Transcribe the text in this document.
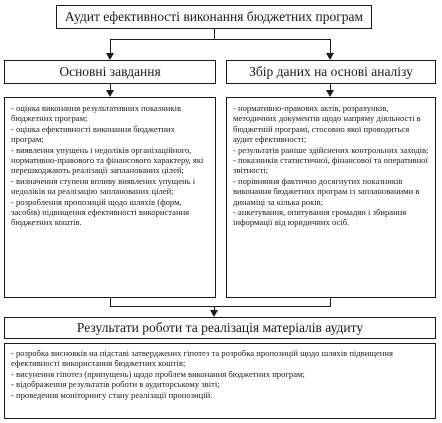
Аудит ефективності виконання бюджетних програм
Основні завдання	Збір даних на основі аналізу
- оцінка виконання результативних показників бюджетних програм;
- оцінка ефективності виконання бюджетних програм;
- виявлення упущень і недоліків організаційного, нормативно-правового та фінансового характеру, які перешкоджають реалізації запланованих цілей;
- визначення ступеня впливу виявлених упущень і недоліків на реалізацію запланованих цілей;
- розроблення пропозицій щодо шляхів (форм, засобів) підвищення ефективності використання бюджетних коштів.
- нормативно-правових актів, розрахунків, методичних документів щодо напряму діяльності в бюджетній програмі, стосовно якої проводиться аудит ефективності;
- результатів раніше здійснених контрольних заходів;
- показників статистичної, фінансової та оперативної звітності;
- порівняння фактично досягнутих показників виконання бюджетних програм із запланованими в динаміці за кілька років;
- анкетування, опитування громадян і збирання інформації від юридичних осіб.
Результати роботи та реалізація матеріалів аудиту
- розробка висновків на підставі затверджених гіпотез та розробка пропозицій щодо шляхів підвищення ефективності використання бюджетних коштів;
- висунення гіпотез (припущень) щодо проблем виконання бюджетних програм;
- відображення результатів роботи в аудиторському звіті;
- проведення моніторингу стану реалізації пропозицій.
